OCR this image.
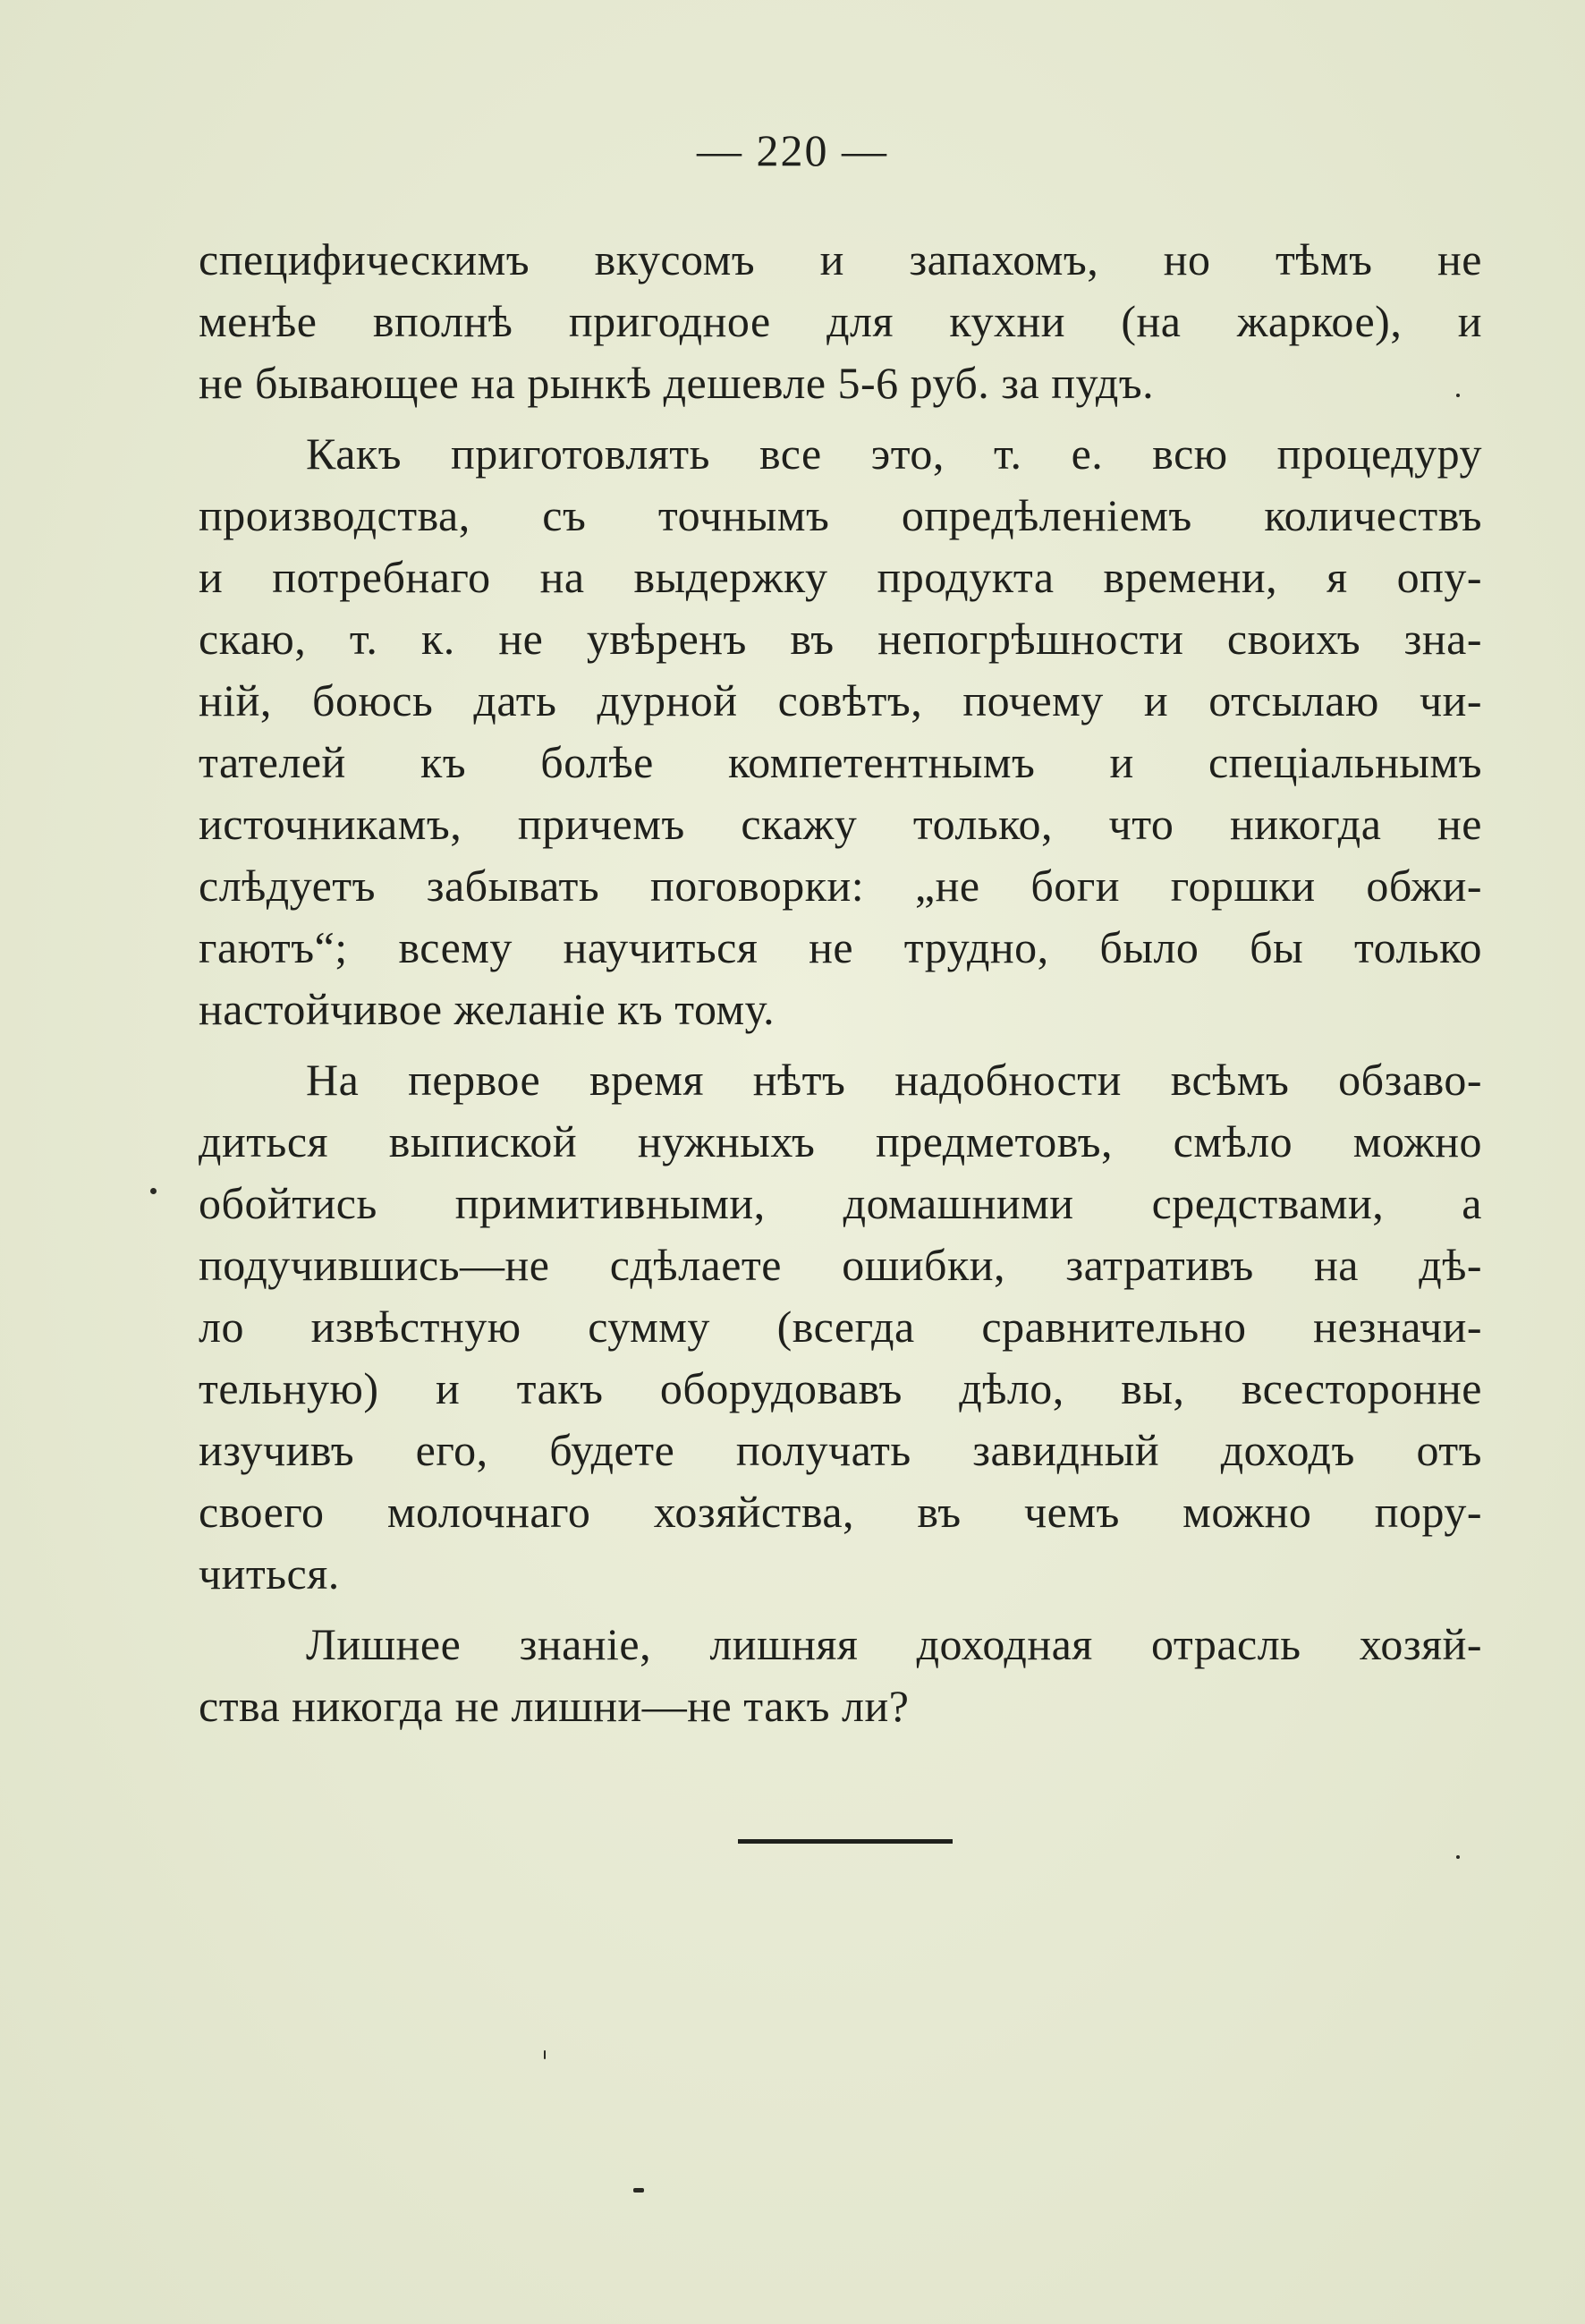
— 220 —
специфическимъ вкусомъ и запахомъ, но тѣмъ не
менѣе вполнѣ пригодное для кухни (на жаркое), и
не бывающее на рынкѣ дешевле 5-6 руб. за пудъ.
Какъ приготовлять все это, т. е. всю процедуру
производства, съ точнымъ опредѣленіемъ количествъ
и потребнаго на выдержку продукта времени, я опу-
скаю, т. к. не увѣренъ въ непогрѣшности своихъ зна-
ній, боюсь дать дурной совѣтъ, почему и отсылаю чи-
тателей къ болѣе компетентнымъ и спеціальнымъ
источникамъ, причемъ скажу только, что никогда не
слѣдуетъ забывать поговорки: „не боги горшки обжи-
гаютъ“; всему научиться не трудно, было бы только
настойчивое желаніе къ тому.
На первое время нѣтъ надобности всѣмъ обзаво-
диться выпиской нужныхъ предметовъ, смѣло можно
обойтись примитивными, домашними средствами, а
подучившись—не сдѣлаете ошибки, затративъ на дѣ-
ло извѣстную сумму (всегда сравнительно незначи-
тельную) и такъ оборудовавъ дѣло, вы, всесторонне
изучивъ его, будете получать завидный доходъ отъ
своего молочнаго хозяйства, въ чемъ можно пору-
читься.
Лишнее знаніе, лишняя доходная отрасль хозяй-
ства никогда не лишни—не такъ ли?
